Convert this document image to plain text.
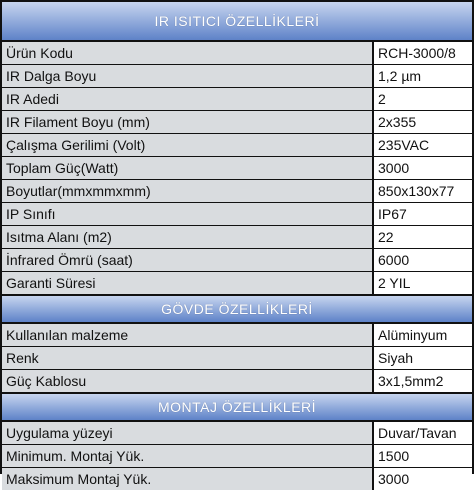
IR ISITICI ÖZELLİKLERİ
Ürün Kodu	RCH-3000/8
IR Dalga Boyu	1,2 µm
IR Adedi	2
IR Filament Boyu (mm)	2x355
Çalışma Gerilimi (Volt)	235VAC
Toplam Güç(Watt)	3000
Boyutlar(mmxmmxmm)	850x130x77
IP Sınıfı	IP67
Isıtma Alanı (m2)	22
İnfrared Ömrü (saat)	6000
Garanti Süresi	2 YIL
GÖVDE ÖZELLİKLERİ
Kullanılan malzeme	Alüminyum
Renk	Siyah
Güç Kablosu	3x1,5mm2
MONTAJ ÖZELLİKLERİ
Uygulama yüzeyi	Duvar/Tavan
Minimum. Montaj Yük.	1500
Maksimum Montaj Yük.	3000
